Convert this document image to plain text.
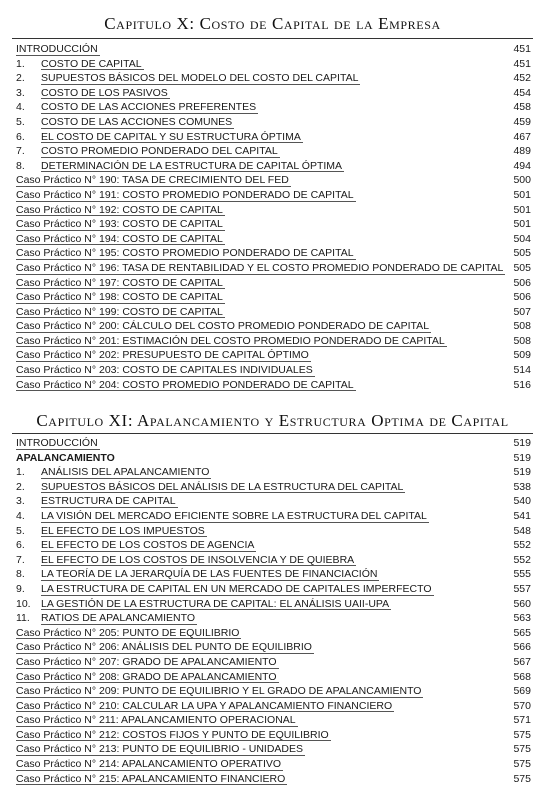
Capitulo X: Costo de Capital de la Empresa
INTRODUCCIÓN	451
1. COSTO DE CAPITAL	451
2. SUPUESTOS BÁSICOS DEL MODELO DEL COSTO DEL CAPITAL	452
3. COSTO DE LOS PASIVOS	454
4. COSTO DE LAS ACCIONES PREFERENTES	458
5. COSTO DE LAS ACCIONES COMUNES	459
6. EL COSTO DE CAPITAL Y SU ESTRUCTURA ÓPTIMA	467
7. COSTO PROMEDIO PONDERADO DEL CAPITAL	489
8. DETERMINACIÓN DE LA ESTRUCTURA DE CAPITAL ÓPTIMA	494
Caso Práctico N° 190: TASA DE CRECIMIENTO DEL FED	500
Caso Práctico N° 191: COSTO PROMEDIO PONDERADO DE CAPITAL	501
Caso Práctico N° 192: COSTO DE CAPITAL	501
Caso Práctico N° 193: COSTO DE CAPITAL	501
Caso Práctico N° 194: COSTO DE CAPITAL	504
Caso Práctico N° 195: COSTO PROMEDIO PONDERADO DE CAPITAL	505
Caso Práctico N° 196: TASA DE RENTABILIDAD Y EL COSTO PROMEDIO PONDERADO DE CAPITAL 505
Caso Práctico N° 197: COSTO DE CAPITAL	506
Caso Práctico N° 198: COSTO DE CAPITAL	506
Caso Práctico N° 199: COSTO DE CAPITAL	507
Caso Práctico N° 200: CÁLCULO DEL COSTO PROMEDIO PONDERADO DE CAPITAL	508
Caso Práctico N° 201: ESTIMACIÓN DEL COSTO PROMEDIO PONDERADO DE CAPITAL	508
Caso Práctico N° 202: PRESUPUESTO DE CAPITAL ÓPTIMO	509
Caso Práctico N° 203: COSTO DE CAPITALES INDIVIDUALES	514
Caso Práctico N° 204: COSTO PROMEDIO PONDERADO DE CAPITAL	516
Capitulo XI: Apalancamiento y Estructura Optima de Capital
INTRODUCCIÓN	519
APALANCAMIENTO	519
1. ANÁLISIS DEL APALANCAMIENTO	519
2. SUPUESTOS BÁSICOS DEL ANÁLISIS DE LA ESTRUCTURA DEL CAPITAL	538
3. ESTRUCTURA DE CAPITAL	540
4. LA VISIÓN DEL MERCADO EFICIENTE SOBRE LA ESTRUCTURA DEL CAPITAL	541
5. EL EFECTO DE LOS IMPUESTOS	548
6. EL EFECTO DE LOS COSTOS DE AGENCIA	552
7. EL EFECTO DE LOS COSTOS DE INSOLVENCIA Y DE QUIEBRA	552
8. LA TEORÍA DE LA JERARQUÍA DE LAS FUENTES DE FINANCIACIÓN	555
9. LA ESTRUCTURA DE CAPITAL EN UN MERCADO DE CAPITALES IMPERFECTO	557
10. LA GESTIÓN DE LA ESTRUCTURA DE CAPITAL: EL ANÁLISIS UAII-UPA	560
11. RATIOS DE APALANCAMIENTO	563
Caso Práctico N° 205: PUNTO DE EQUILIBRIO	565
Caso Práctico N° 206: ANÁLISIS DEL PUNTO DE EQUILIBRIO	566
Caso Práctico N° 207: GRADO DE APALANCAMIENTO	567
Caso Práctico N° 208: GRADO DE APALANCAMIENTO	568
Caso Práctico N° 209: PUNTO DE EQUILIBRIO Y EL GRADO DE APALANCAMIENTO	569
Caso Práctico N° 210: CALCULAR LA UPA Y APALANCAMIENTO FINANCIERO	570
Caso Práctico N° 211: APALANCAMIENTO OPERACIONAL	571
Caso Práctico N° 212: COSTOS FIJOS Y PUNTO DE EQUILIBRIO	575
Caso Práctico N° 213: PUNTO DE EQUILIBRIO - UNIDADES	575
Caso Práctico N° 214: APALANCAMIENTO OPERATIVO	575
Caso Práctico N° 215: APALANCAMIENTO FINANCIERO	575
